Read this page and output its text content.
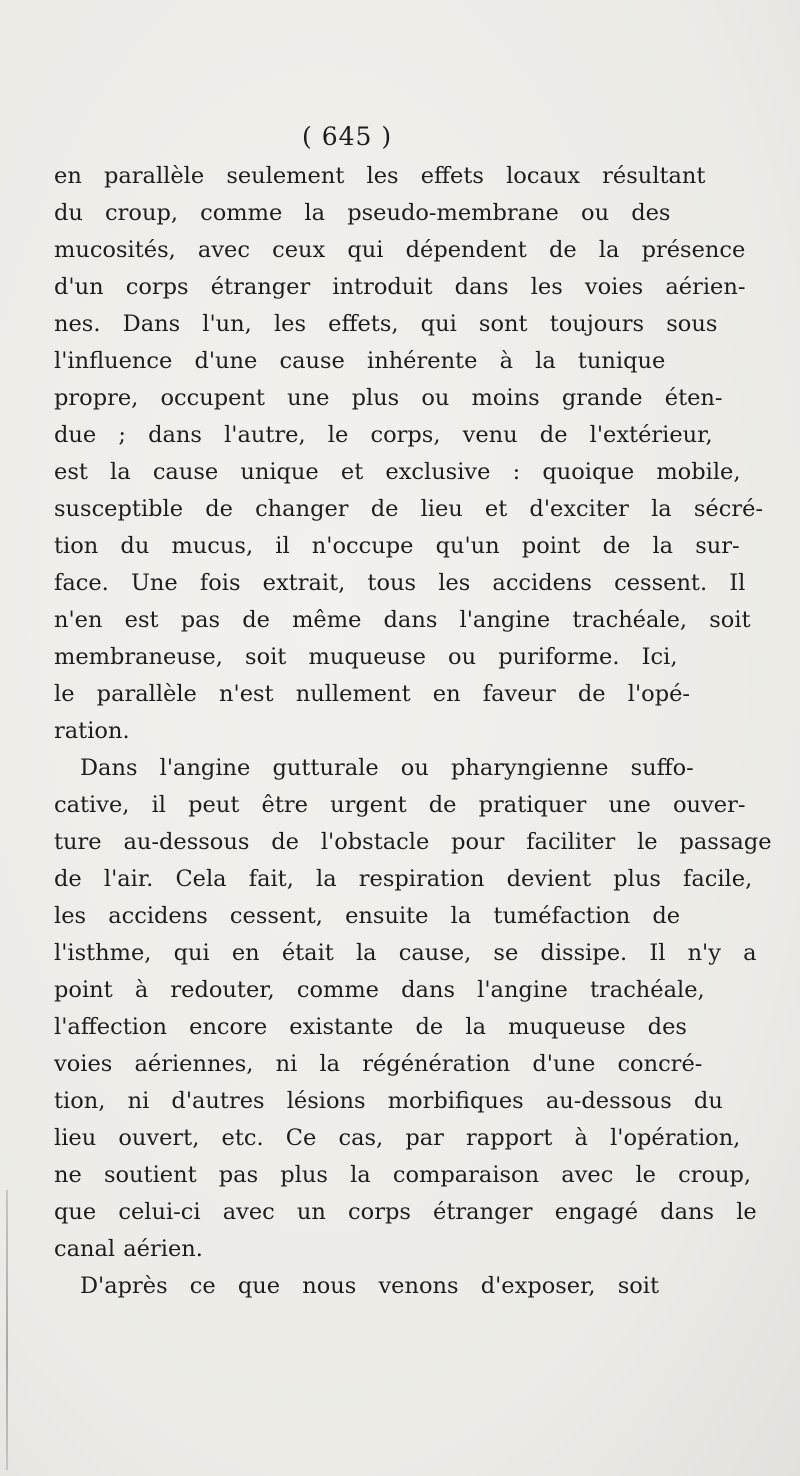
( 645 )
en parallèle seulement les effets locaux résultant
du croup, comme la pseudo-membrane ou des
mucosités, avec ceux qui dépendent de la présence
d'un corps étranger introduit dans les voies aérien-
nes. Dans l'un, les effets, qui sont toujours sous
l'influence d'une cause inhérente à la tunique
propre, occupent une plus ou moins grande éten-
due ; dans l'autre, le corps, venu de l'extérieur,
est la cause unique et exclusive : quoique mobile,
susceptible de changer de lieu et d'exciter la sécré-
tion du mucus, il n'occupe qu'un point de la sur-
face. Une fois extrait, tous les accidens cessent. Il
n'en est pas de même dans l'angine trachéale, soit
membraneuse, soit muqueuse ou puriforme. Ici,
le parallèle n'est nullement en faveur de l'opé-
ration.
Dans l'angine gutturale ou pharyngienne suffo-
cative, il peut être urgent de pratiquer une ouver-
ture au-dessous de l'obstacle pour faciliter le passage
de l'air. Cela fait, la respiration devient plus facile,
les accidens cessent, ensuite la tuméfaction de
l'isthme, qui en était la cause, se dissipe. Il n'y a
point à redouter, comme dans l'angine trachéale,
l'affection encore existante de la muqueuse des
voies aériennes, ni la régénération d'une concré-
tion, ni d'autres lésions morbifiques au-dessous du
lieu ouvert, etc. Ce cas, par rapport à l'opération,
ne soutient pas plus la comparaison avec le croup,
que celui-ci avec un corps étranger engagé dans le
canal aérien.
D'après ce que nous venons d'exposer, soit
